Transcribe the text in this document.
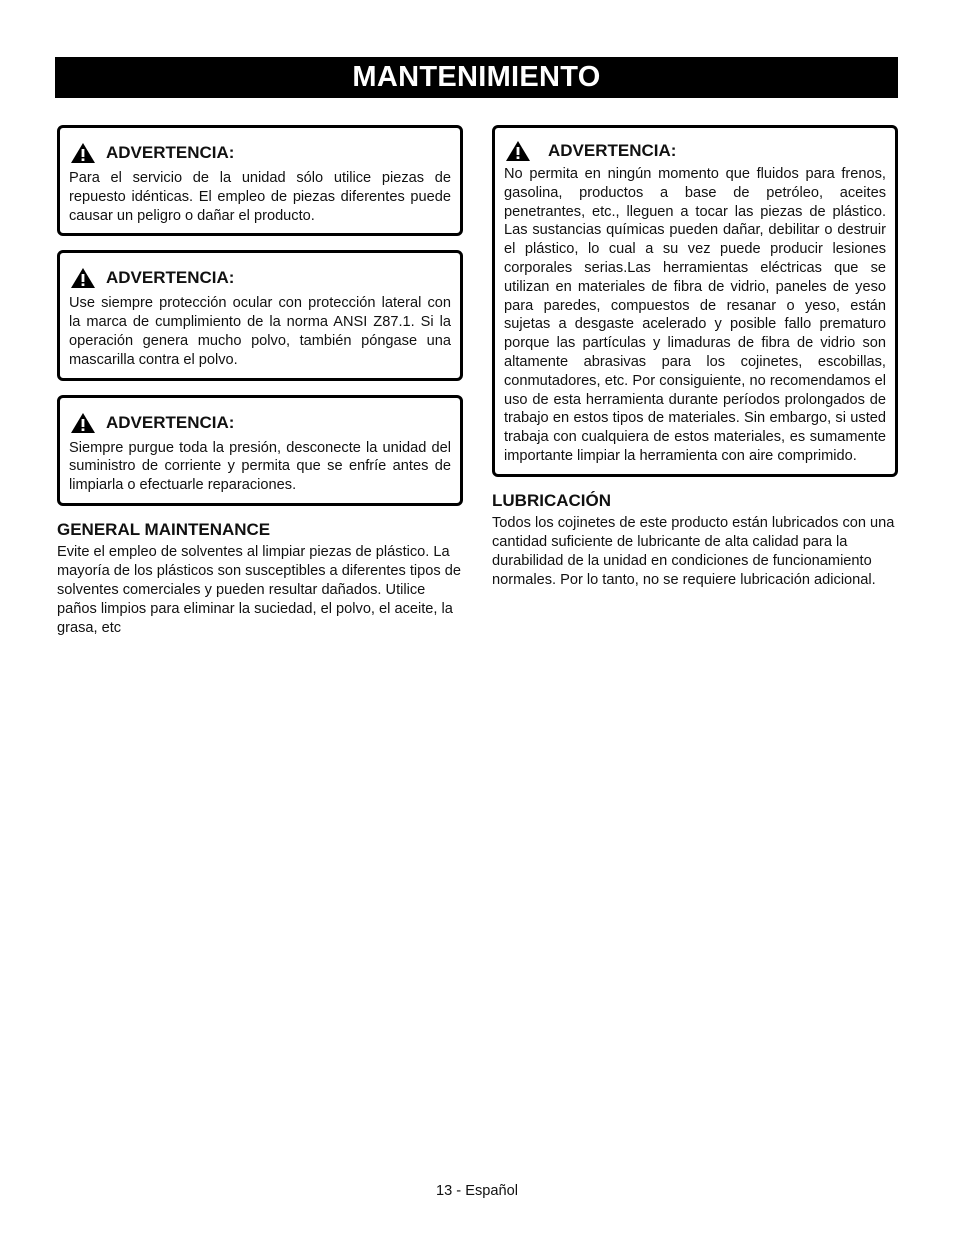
MANTENIMIENTO
ADVERTENCIA:

Para el servicio de la unidad sólo utilice piezas de repuesto idénticas. El empleo de piezas diferentes puede causar un peligro o dañar el producto.

ADVERTENCIA:

Use siempre protección ocular con protección lateral con la marca de cumplimiento de la norma ANSI Z87.1. Si la operación genera mucho polvo, también póngase una mascarilla contra el polvo.

ADVERTENCIA:

Siempre purgue toda la presión, desconecte la unidad del suministro de corriente y permita que se enfríe antes de limpiarla o efectuarle reparaciones.

GENERAL MAINTENANCE

Evite el empleo de solventes al limpiar piezas de plástico. La mayoría de los plásticos son susceptibles a diferentes tipos de solventes comerciales y pueden resultar dañados. Utilice paños limpios para eliminar la suciedad, el polvo, el aceite, la grasa, etc

ADVERTENCIA:

No permita en ningún momento que fluidos para frenos, gasolina, productos a base de petróleo, aceites penetrantes, etc., lleguen a tocar las piezas de plástico. Las sustancias químicas pueden dañar, debilitar o destruir el plástico, lo cual a su vez puede producir lesiones corporales serias.Las herramientas eléctricas que se utilizan en materiales de fibra de vidrio, paneles de yeso para paredes, compuestos de resanar o yeso, están sujetas a desgaste acelerado y posible fallo prematuro porque las partículas y limaduras de fibra de vidrio son altamente abrasivas para los cojinetes, escobillas, conmutadores, etc. Por consiguiente, no recomendamos el uso de esta herramienta durante períodos prolongados de trabajo en estos tipos de materiales. Sin embargo, si usted trabaja con cualquiera de estos materiales, es sumamente importante limpiar la herramienta con aire comprimido.

LUBRICACIÓN

Todos los cojinetes de este producto están lubricados con una cantidad suficiente de lubricante de alta calidad para la durabilidad de la unidad en condiciones de funcionamiento normales. Por lo tanto, no se requiere lubricación adicional.

13 - Español
